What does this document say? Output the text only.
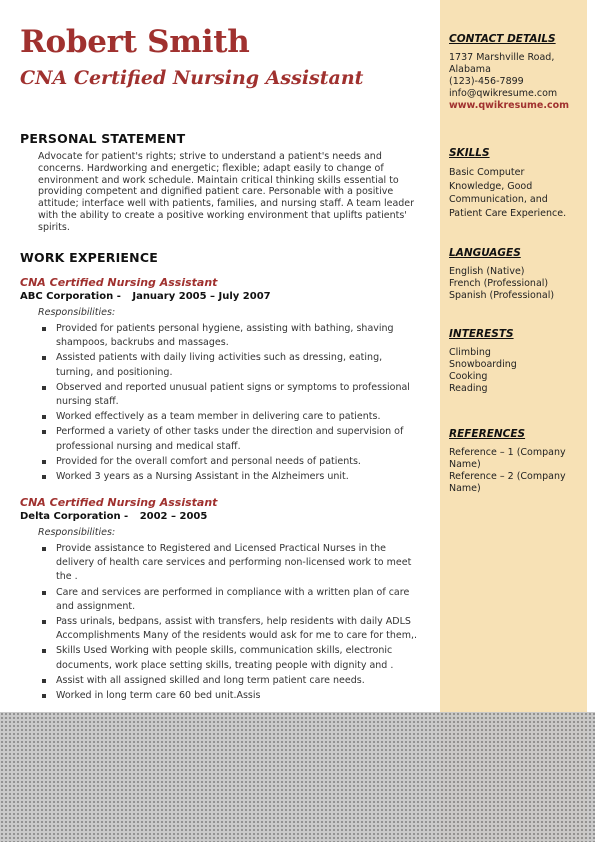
Robert Smith
CNA Certified Nursing Assistant
PERSONAL STATEMENT
Advocate for patient's rights; strive to understand a patient's needs and concerns. Hardworking and energetic; flexible; adapt easily to change of environment and work schedule. Maintain critical thinking skills essential to providing competent and dignified patient care. Personable with a positive attitude; interface well with patients, families, and nursing staff. A team leader with the ability to create a positive working environment that uplifts patients' spirits.
WORK EXPERIENCE
CNA Certified Nursing Assistant
ABC Corporation - January 2005 – July 2007
Responsibilities:
Provided for patients personal hygiene, assisting with bathing, shaving shampoos, backrubs and massages.
Assisted patients with daily living activities such as dressing, eating, turning, and positioning.
Observed and reported unusual patient signs or symptoms to professional nursing staff.
Worked effectively as a team member in delivering care to patients.
Performed a variety of other tasks under the direction and supervision of professional nursing and medical staff.
Provided for the overall comfort and personal needs of patients.
Worked 3 years as a Nursing Assistant in the Alzheimers unit.
CNA Certified Nursing Assistant
Delta Corporation - 2002 – 2005
Responsibilities:
Provide assistance to Registered and Licensed Practical Nurses in the delivery of health care services and performing non-licensed work to meet the .
Care and services are performed in compliance with a written plan of care and assignment.
Pass urinals, bedpans, assist with transfers, help residents with daily ADLS Accomplishments Many of the residents would ask for me to care for them,.
Skills Used Working with people skills, communication skills, electronic documents, work place setting skills, treating people with dignity and .
Assist with all assigned skilled and long term patient care needs.
Worked in long term care 60 bed unit.Assis
CONTACT DETAILS
1737 Marshville Road,
Alabama
(123)-456-7899
info@qwikresume.com
www.qwikresume.com
SKILLS
Basic Computer
Knowledge, Good
Communication, and
Patient Care Experience.
LANGUAGES
English (Native)
French (Professional)
Spanish (Professional)
INTERESTS
Climbing
Snowboarding
Cooking
Reading
REFERENCES
Reference – 1 (Company
Name)
Reference – 2 (Company
Name)
